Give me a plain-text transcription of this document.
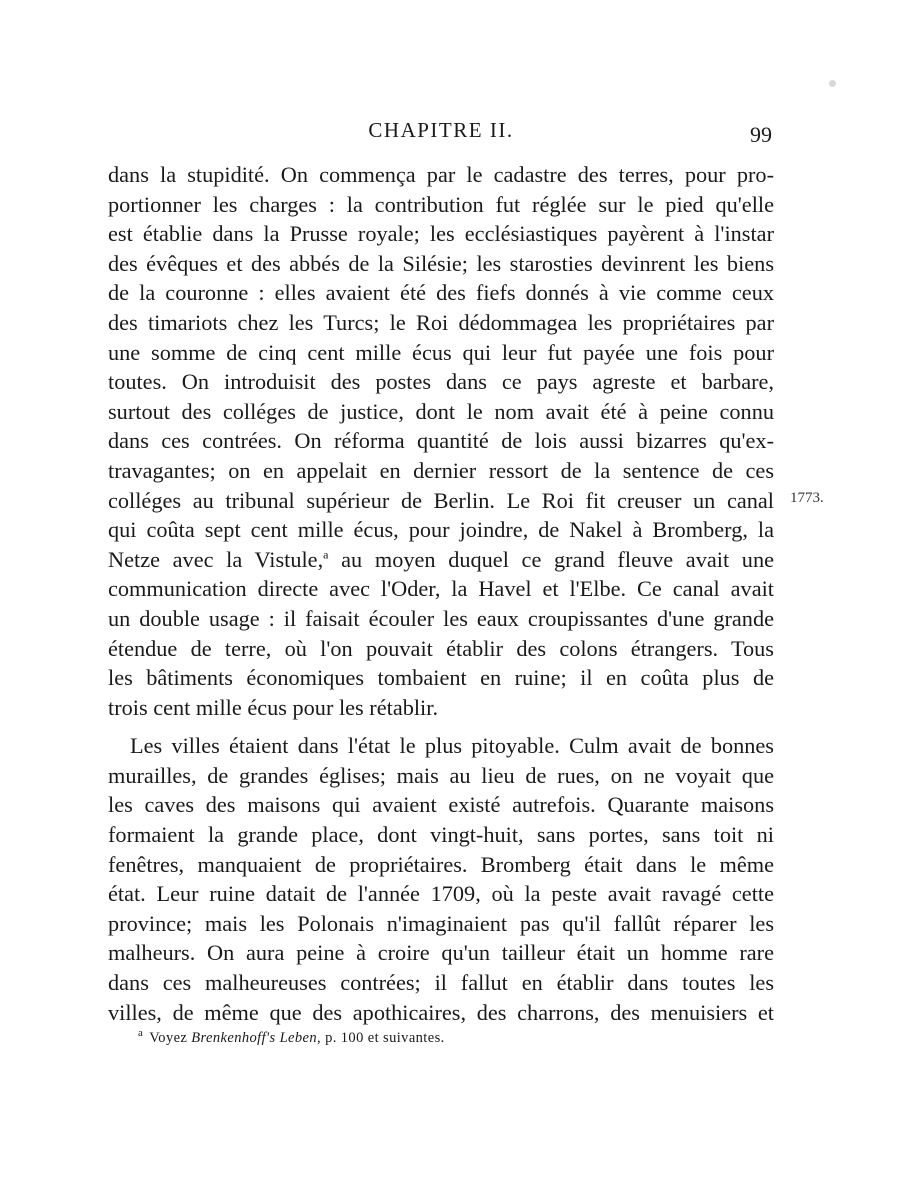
CHAPITRE II.	99
dans la stupidité. On commença par le cadastre des terres, pour pro-
portionner les charges : la contribution fut réglée sur le pied qu'elle
est établie dans la Prusse royale; les ecclésiastiques payèrent à l'instar
des évêques et des abbés de la Silésie; les starosties devinrent les biens
de la couronne : elles avaient été des fiefs donnés à vie comme ceux
des timariots chez les Turcs; le Roi dédommagea les propriétaires par
une somme de cinq cent mille écus qui leur fut payée une fois pour
toutes. On introduisit des postes dans ce pays agreste et barbare,
surtout des colléges de justice, dont le nom avait été à peine connu
dans ces contrées. On réforma quantité de lois aussi bizarres qu'ex-
travagantes; on en appelait en dernier ressort de la sentence de ces
colléges au tribunal supérieur de Berlin. Le Roi fit creuser un canal
qui coûta sept cent mille écus, pour joindre, de Nakel à Bromberg, la
Netze avec la Vistule,$^a$ au moyen duquel ce grand fleuve avait une
communication directe avec l'Oder, la Havel et l'Elbe. Ce canal avait
un double usage : il faisait écouler les eaux croupissantes d'une grande
étendue de terre, où l'on pouvait établir des colons étrangers. Tous
les bâtiments économiques tombaient en ruine; il en coûta plus de
trois cent mille écus pour les rétablir.
Les villes étaient dans l'état le plus pitoyable. Culm avait de bonnes
murailles, de grandes églises; mais au lieu de rues, on ne voyait que
les caves des maisons qui avaient existé autrefois. Quarante maisons
formaient la grande place, dont vingt-huit, sans portes, sans toit ni
fenêtres, manquaient de propriétaires. Bromberg était dans le même
état. Leur ruine datait de l'année 1709, où la peste avait ravagé cette
province; mais les Polonais n'imaginaient pas qu'il fallût réparer les
malheurs. On aura peine à croire qu'un tailleur était un homme rare
dans ces malheureuses contrées; il fallut en établir dans toutes les
villes, de même que des apothicaires, des charrons, des menuisiers et
1773.
$^a$ Voyez Brenkenhoff's Leben, p. 100 et suivantes.
